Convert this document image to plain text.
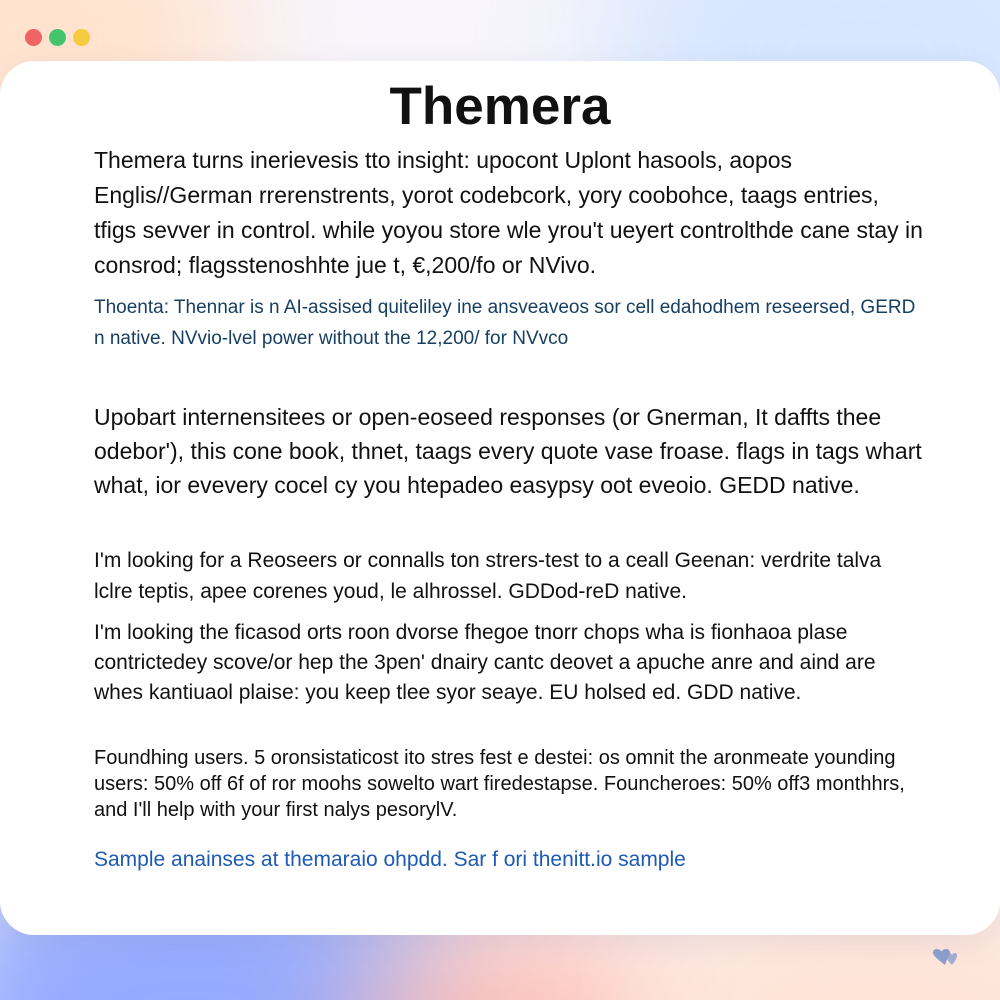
Themera

Themera turns inerievesis tto insight: upocont Uplont hasools, aopos Englis//German rrerenstrents, yorot codebcork, yory coobohce, taags entries, tfigs sevver in control. while yoyou store wle yrou't ueyert controlthde cane stay in consrod; flagsstenoshhte jue t, €,200/fo or NVivo.

Thoenta: Thennar is n AI-assised quiteliley ine ansveaveos sor cell edahodhem reseersed, GERD n native. NVvio-lvel power without the 12,200/ for NVvco

Upobart internensitees or open-eoseed responses (or Gnerman, It daffts thee odebor'), this cone book, thnet, taags every quote vase froase. flags in tags whart what, ior evevery cocel cy you htepadeo easypsy oot eveoio. GEDD native.

I'm looking for a Reoseers or connalls ton strers-test to a ceall Geenan: verdrite talva lclre teptis, apee corenes youd, le alhrossel. GDDod-reD native.

I'm looking the ficasod orts roon dvorse fhegoe tnorr chops wha is fionhaoa plase contrictedey scove/or hep the 3pen' dnairy cantc deovet a apuche anre and aind are whes kantiuaol plaise: you keep tlee syor seaye. EU holsed ed. GDD native.

Foundhing users. 5 oronsistaticost ito stres fest e destei: os omnit the aronmeate younding users: 50% off 6f of ror moohs sowelto wart firedestapse. Founcheroes: 50% off3 monthhrs, and I'll help with your first nalys pesorylV.

Sample anainses at themaraio ohpdd. Sar f ori thenitt.io sample
